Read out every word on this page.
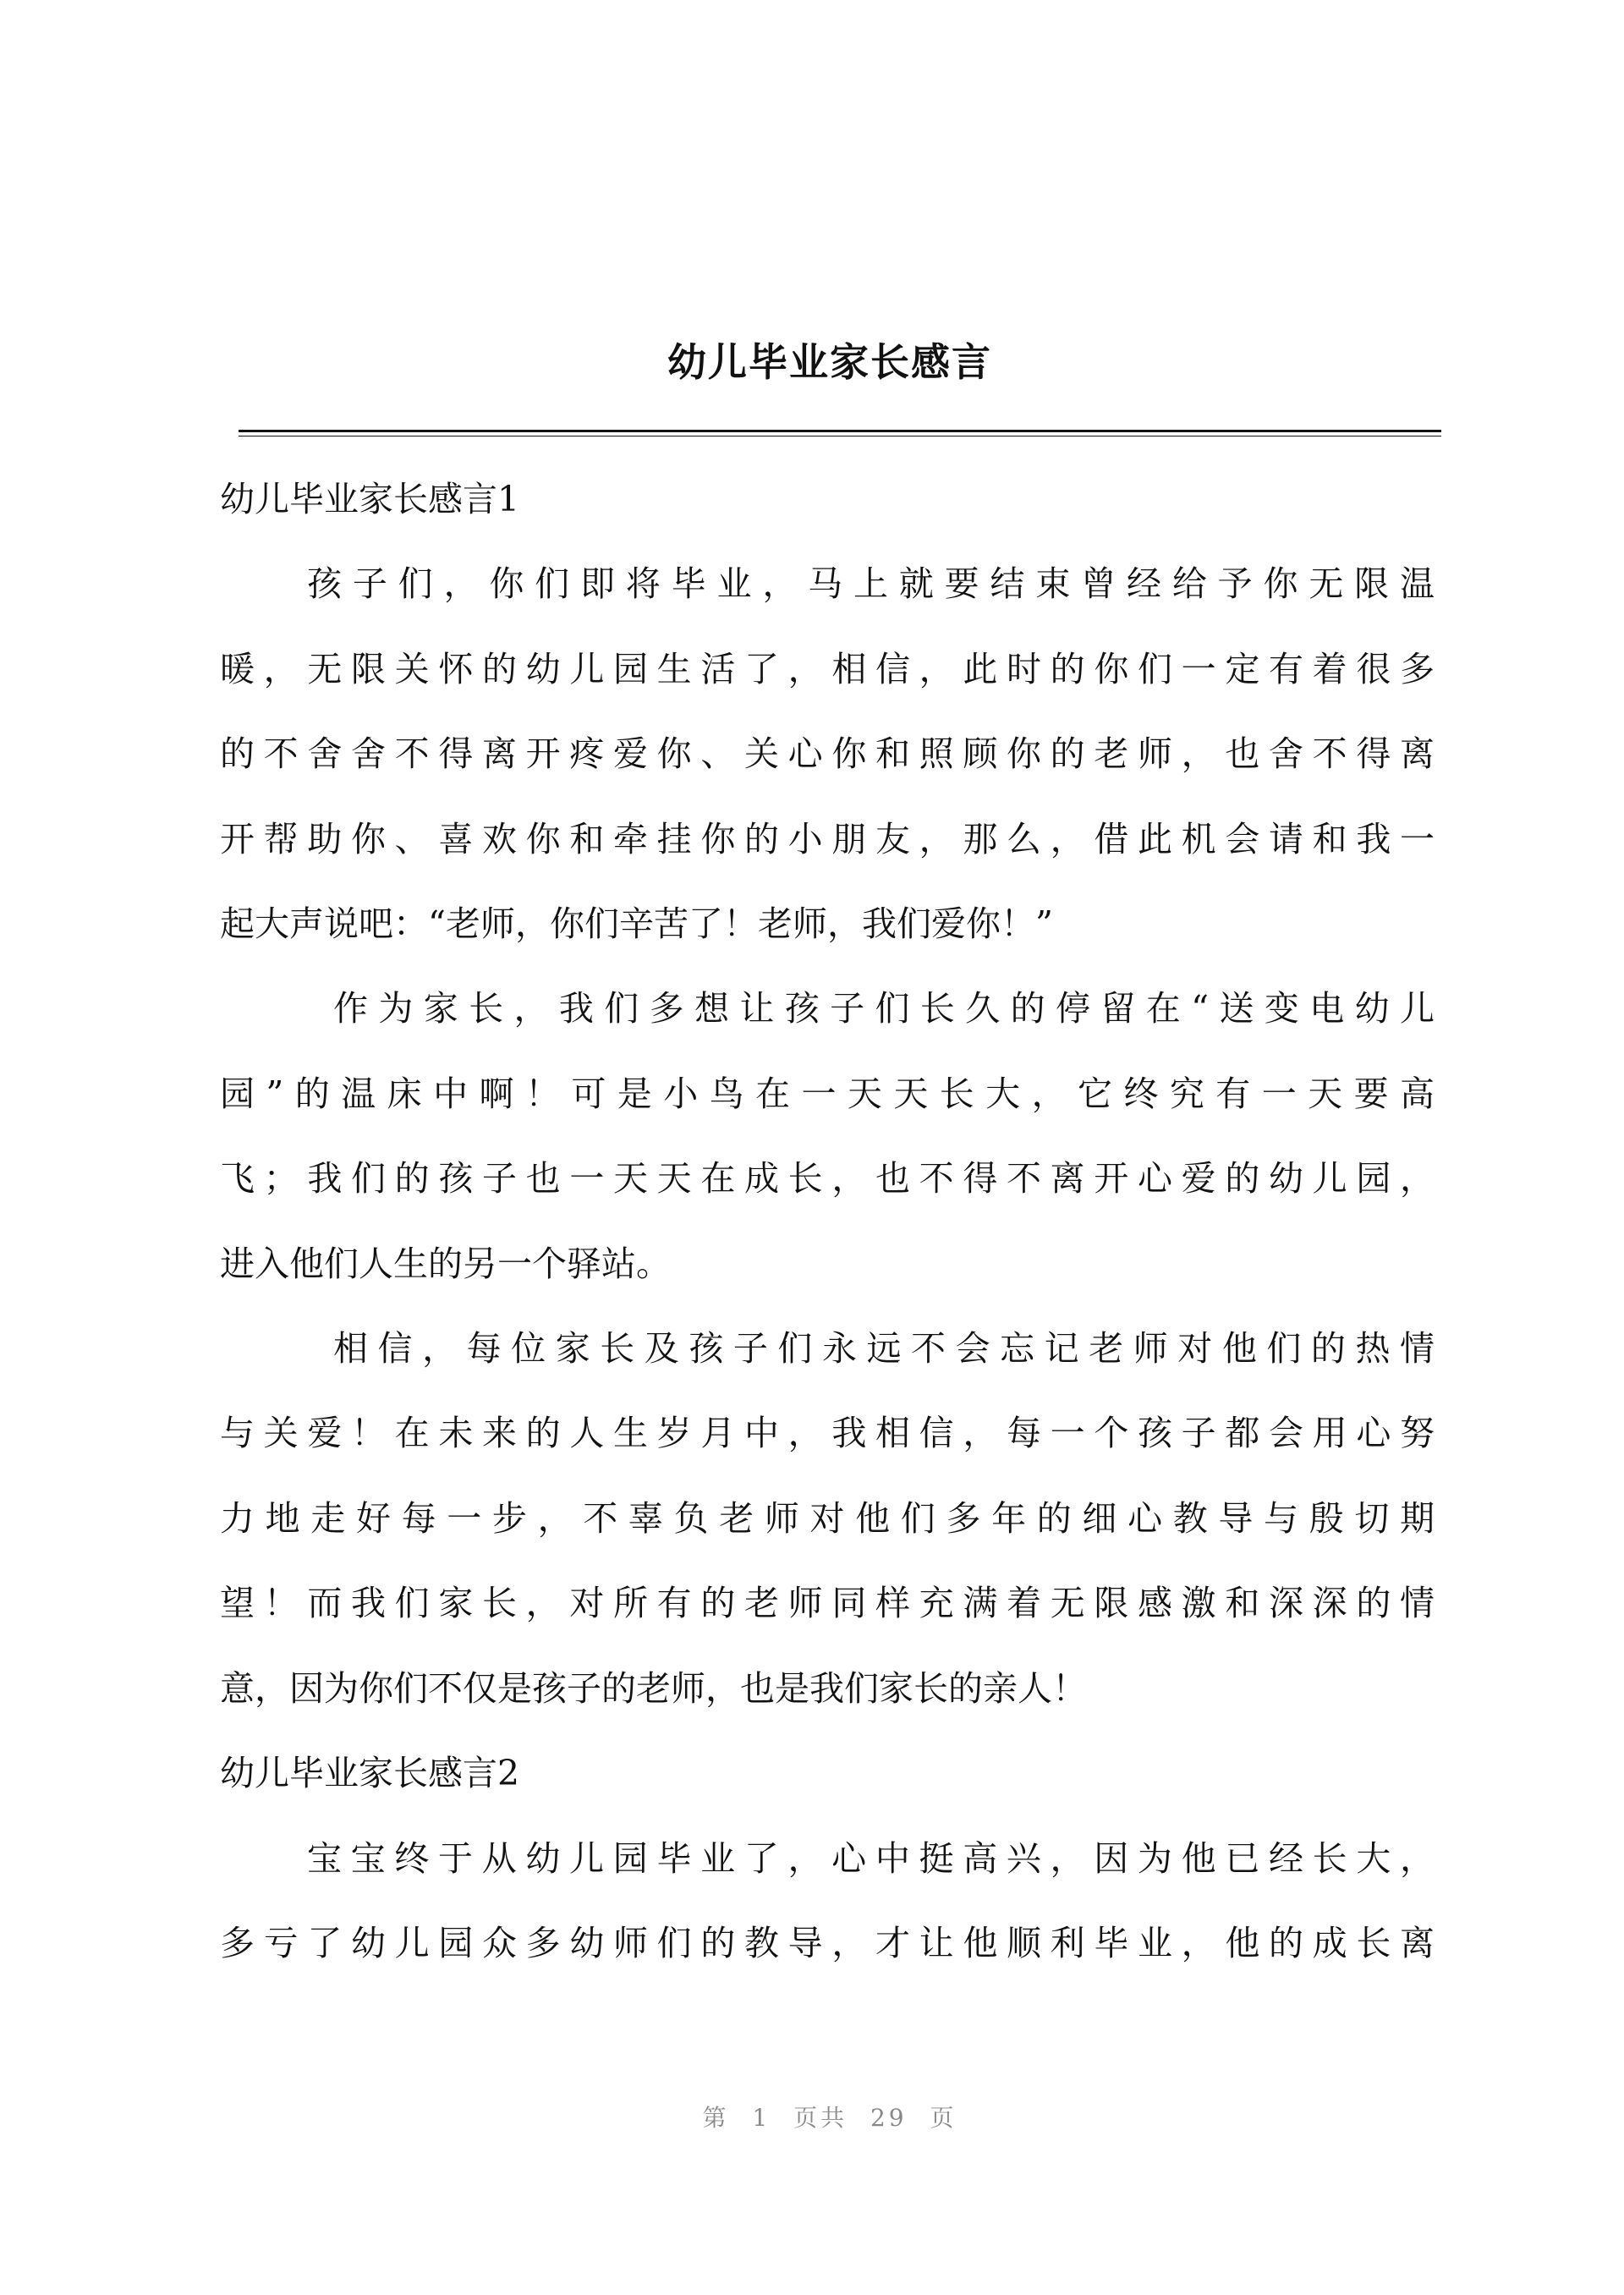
幼儿毕业家长感言
幼儿毕业家长感言1
孩子们，你们即将毕业，马上就要结束曾经给予你无限温
暖，无限关怀的幼儿园生活了，相信，此时的你们一定有着很多
的不舍舍不得离开疼爱你、关心你和照顾你的老师，也舍不得离
开帮助你、喜欢你和牵挂你的小朋友，那么，借此机会请和我一
起大声说吧：“老师，你们辛苦了！老师，我们爱你！”
作为家长，我们多想让孩子们长久的停留在“送变电幼儿
园”的温床中啊！可是小鸟在一天天长大，它终究有一天要高
飞；我们的孩子也一天天在成长，也不得不离开心爱的幼儿园，
进入他们人生的另一个驿站。
相信，每位家长及孩子们永远不会忘记老师对他们的热情
与关爱！在未来的人生岁月中，我相信，每一个孩子都会用心努
力地走好每一步，不辜负老师对他们多年的细心教导与殷切期
望！而我们家长，对所有的老师同样充满着无限感激和深深的情
意，因为你们不仅是孩子的老师，也是我们家长的亲人！
幼儿毕业家长感言2
宝宝终于从幼儿园毕业了，心中挺高兴，因为他已经长大，
多亏了幼儿园众多幼师们的教导，才让他顺利毕业，他的成长离
第 1 页共 29 页
